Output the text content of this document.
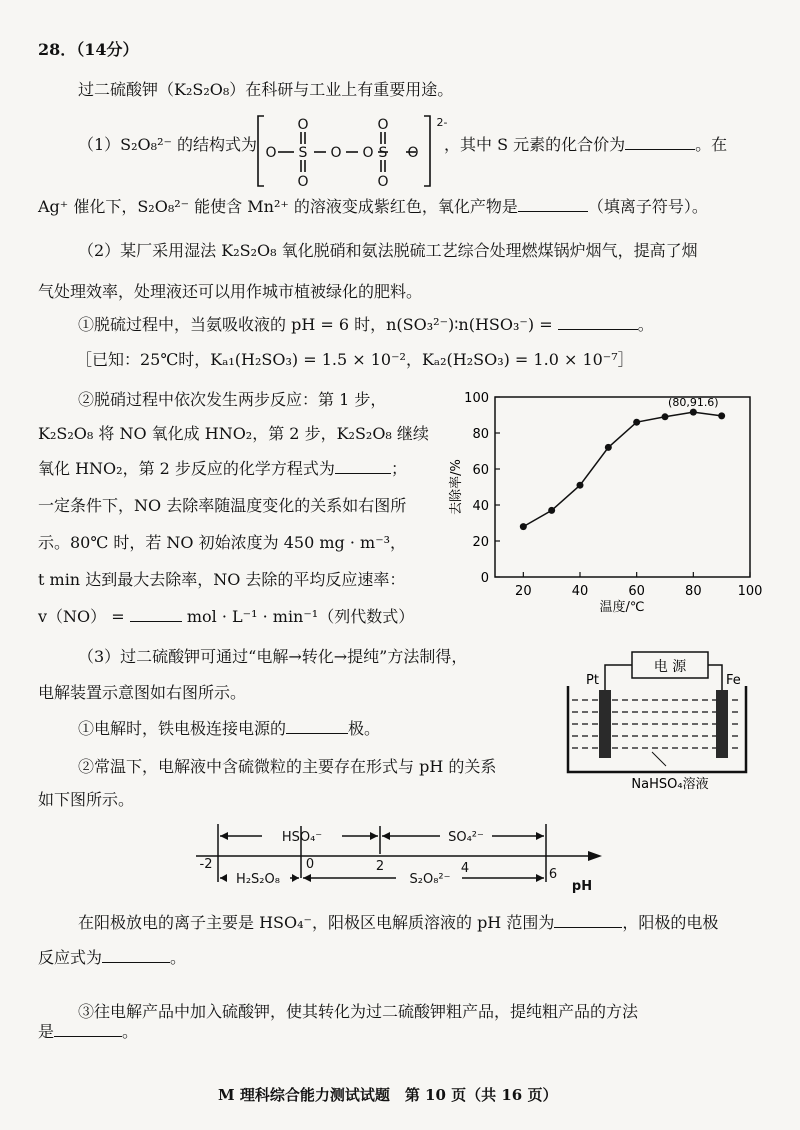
28．（14分）
过二硫酸钾（K₂S₂O₈）在科研与工业上有重要用途。
（1）S₂O₈²⁻ 的结构式为 O S
O
O
O O S
O
O
O
2-
，其中 S 元素的化合价为	。在
Ag⁺ 催化下，S₂O₈²⁻ 能使含 Mn²⁺ 的溶液变成紫红色，氧化产物是	（填离子符号）。
（2）某厂采用湿法 K₂S₂O₈ 氧化脱硝和氨法脱硫工艺综合处理燃煤锅炉烟气，提高了烟
气处理效率，处理液还可以用作城市植被绿化的肥料。
①脱硫过程中，当氨吸收液的 pH = 6 时，n(SO₃²⁻)∶n(HSO₃⁻) =	。
［已知：25℃时，Kₐ₁(H₂SO₃) = 1.5 × 10⁻²，Kₐ₂(H₂SO₃) = 1.0 × 10⁻⁷］
②脱硝过程中依次发生两步反应：第 1 步，
K₂S₂O₈ 将 NO 氧化成 HNO₂，第 2 步，K₂S₂O₈ 继续
氧化 HNO₂，第 2 步反应的化学方程式为	；
一定条件下，NO 去除率随温度变化的关系如右图所
示。80℃ 时，若 NO 初始浓度为 450 mg · m⁻³，
t min 达到最大去除率，NO 去除的平均反应速率：
v（NO） =	mol · L⁻¹ · min⁻¹（列代数式）
20	40	60	80	100
0
20
40
60
80
100	(80,91.6)
温度/℃
去除率/%
（3）过二硫酸钾可通过“电解→转化→提纯”方法制得，
电解装置示意图如右图所示。
①电解时，铁电极连接电源的	极。
②常温下，电解液中含硫微粒的主要存在形式与 pH 的关系
如下图所示。
电 源
Pt	Fe
NaHSO₄溶液
HSO₄⁻	SO₄²⁻
H₂S₂O₈	S₂O₈²⁻
-2	0	2	4	6
pH
在阳极放电的离子主要是 HSO₄⁻，阳极区电解质溶液的 pH 范围为	，阳极的电极
反应式为	。
③往电解产品中加入硫酸钾，使其转化为过二硫酸钾粗产品，提纯粗产品的方法
是	。
M 理科综合能力测试试题　第 10 页（共 16 页）
